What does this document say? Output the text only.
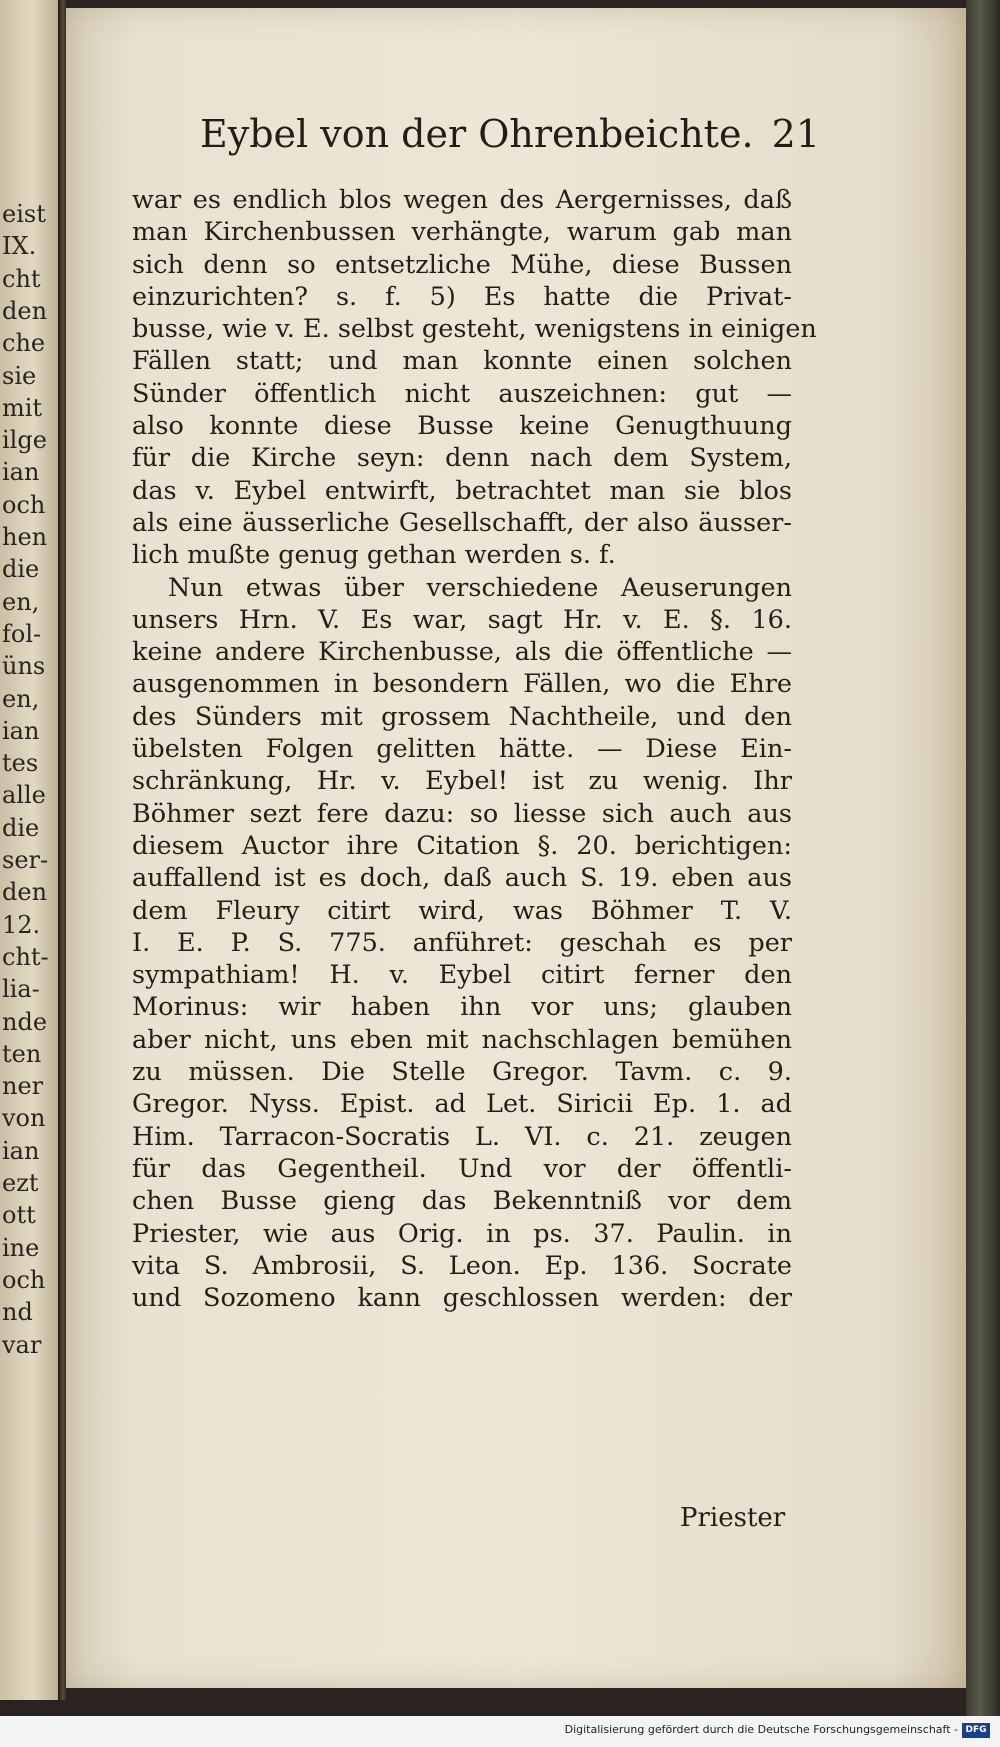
eist
IX.
cht
den
che
sie
mit
ilge
ian
och
hen
die
en,
fol‑
üns
en,
ian
tes
alle
die
ser‑
den
12.
cht‑
lia‑
nde
ten
ner
von
ian
ezt
ott
ine
och
nd
var
Eybel von der Ohrenbeichte. 21
war es endlich blos wegen des Aergernisses, daß
man Kirchenbussen verhängte, warum gab man
sich denn so entsetzliche Mühe, diese Bussen
einzurichten? s. f. 5) Es hatte die Privat‑
busse, wie v. E. selbst gesteht, wenigstens in einigen
Fällen statt; und man konnte einen solchen
Sünder öffentlich nicht auszeichnen: gut —
also konnte diese Busse keine Genugthuung
für die Kirche seyn: denn nach dem System,
das v. Eybel entwirft, betrachtet man sie blos
als eine äusserliche Gesellschafft, der also äusser‑
lich mußte genug gethan werden s. f.
Nun etwas über verschiedene Aeuserungen
unsers Hrn. V. Es war, sagt Hr. v. E. §. 16.
keine andere Kirchenbusse, als die öffentliche —
ausgenommen in besondern Fällen, wo die Ehre
des Sünders mit grossem Nachtheile, und den
übelsten Folgen gelitten hätte. — Diese Ein‑
schränkung, Hr. v. Eybel! ist zu wenig. Ihr
Böhmer sezt fere dazu: so liesse sich auch aus
diesem Auctor ihre Citation §. 20. berichtigen:
auffallend ist es doch, daß auch S. 19. eben aus
dem Fleury citirt wird, was Böhmer T. V.
I. E. P. S. 775. anführet: geschah es per
sympathiam! H. v. Eybel citirt ferner den
Morinus: wir haben ihn vor uns; glauben
aber nicht, uns eben mit nachschlagen bemühen
zu müssen. Die Stelle Gregor. Tavm. c. 9.
Gregor. Nyss. Epist. ad Let. Siricii Ep. 1. ad
Him. Tarracon‑Socratis L. VI. c. 21. zeugen
für das Gegentheil. Und vor der öffentli‑
chen Busse gieng das Bekenntniß vor dem
Priester, wie aus Orig. in ps. 37. Paulin. in
vita S. Ambrosii, S. Leon. Ep. 136. Socrate
und Sozomeno kann geschlossen werden: der
Priester
Digitalisierung gefördert durch die Deutsche Forschungsgemeinschaft - DFG
